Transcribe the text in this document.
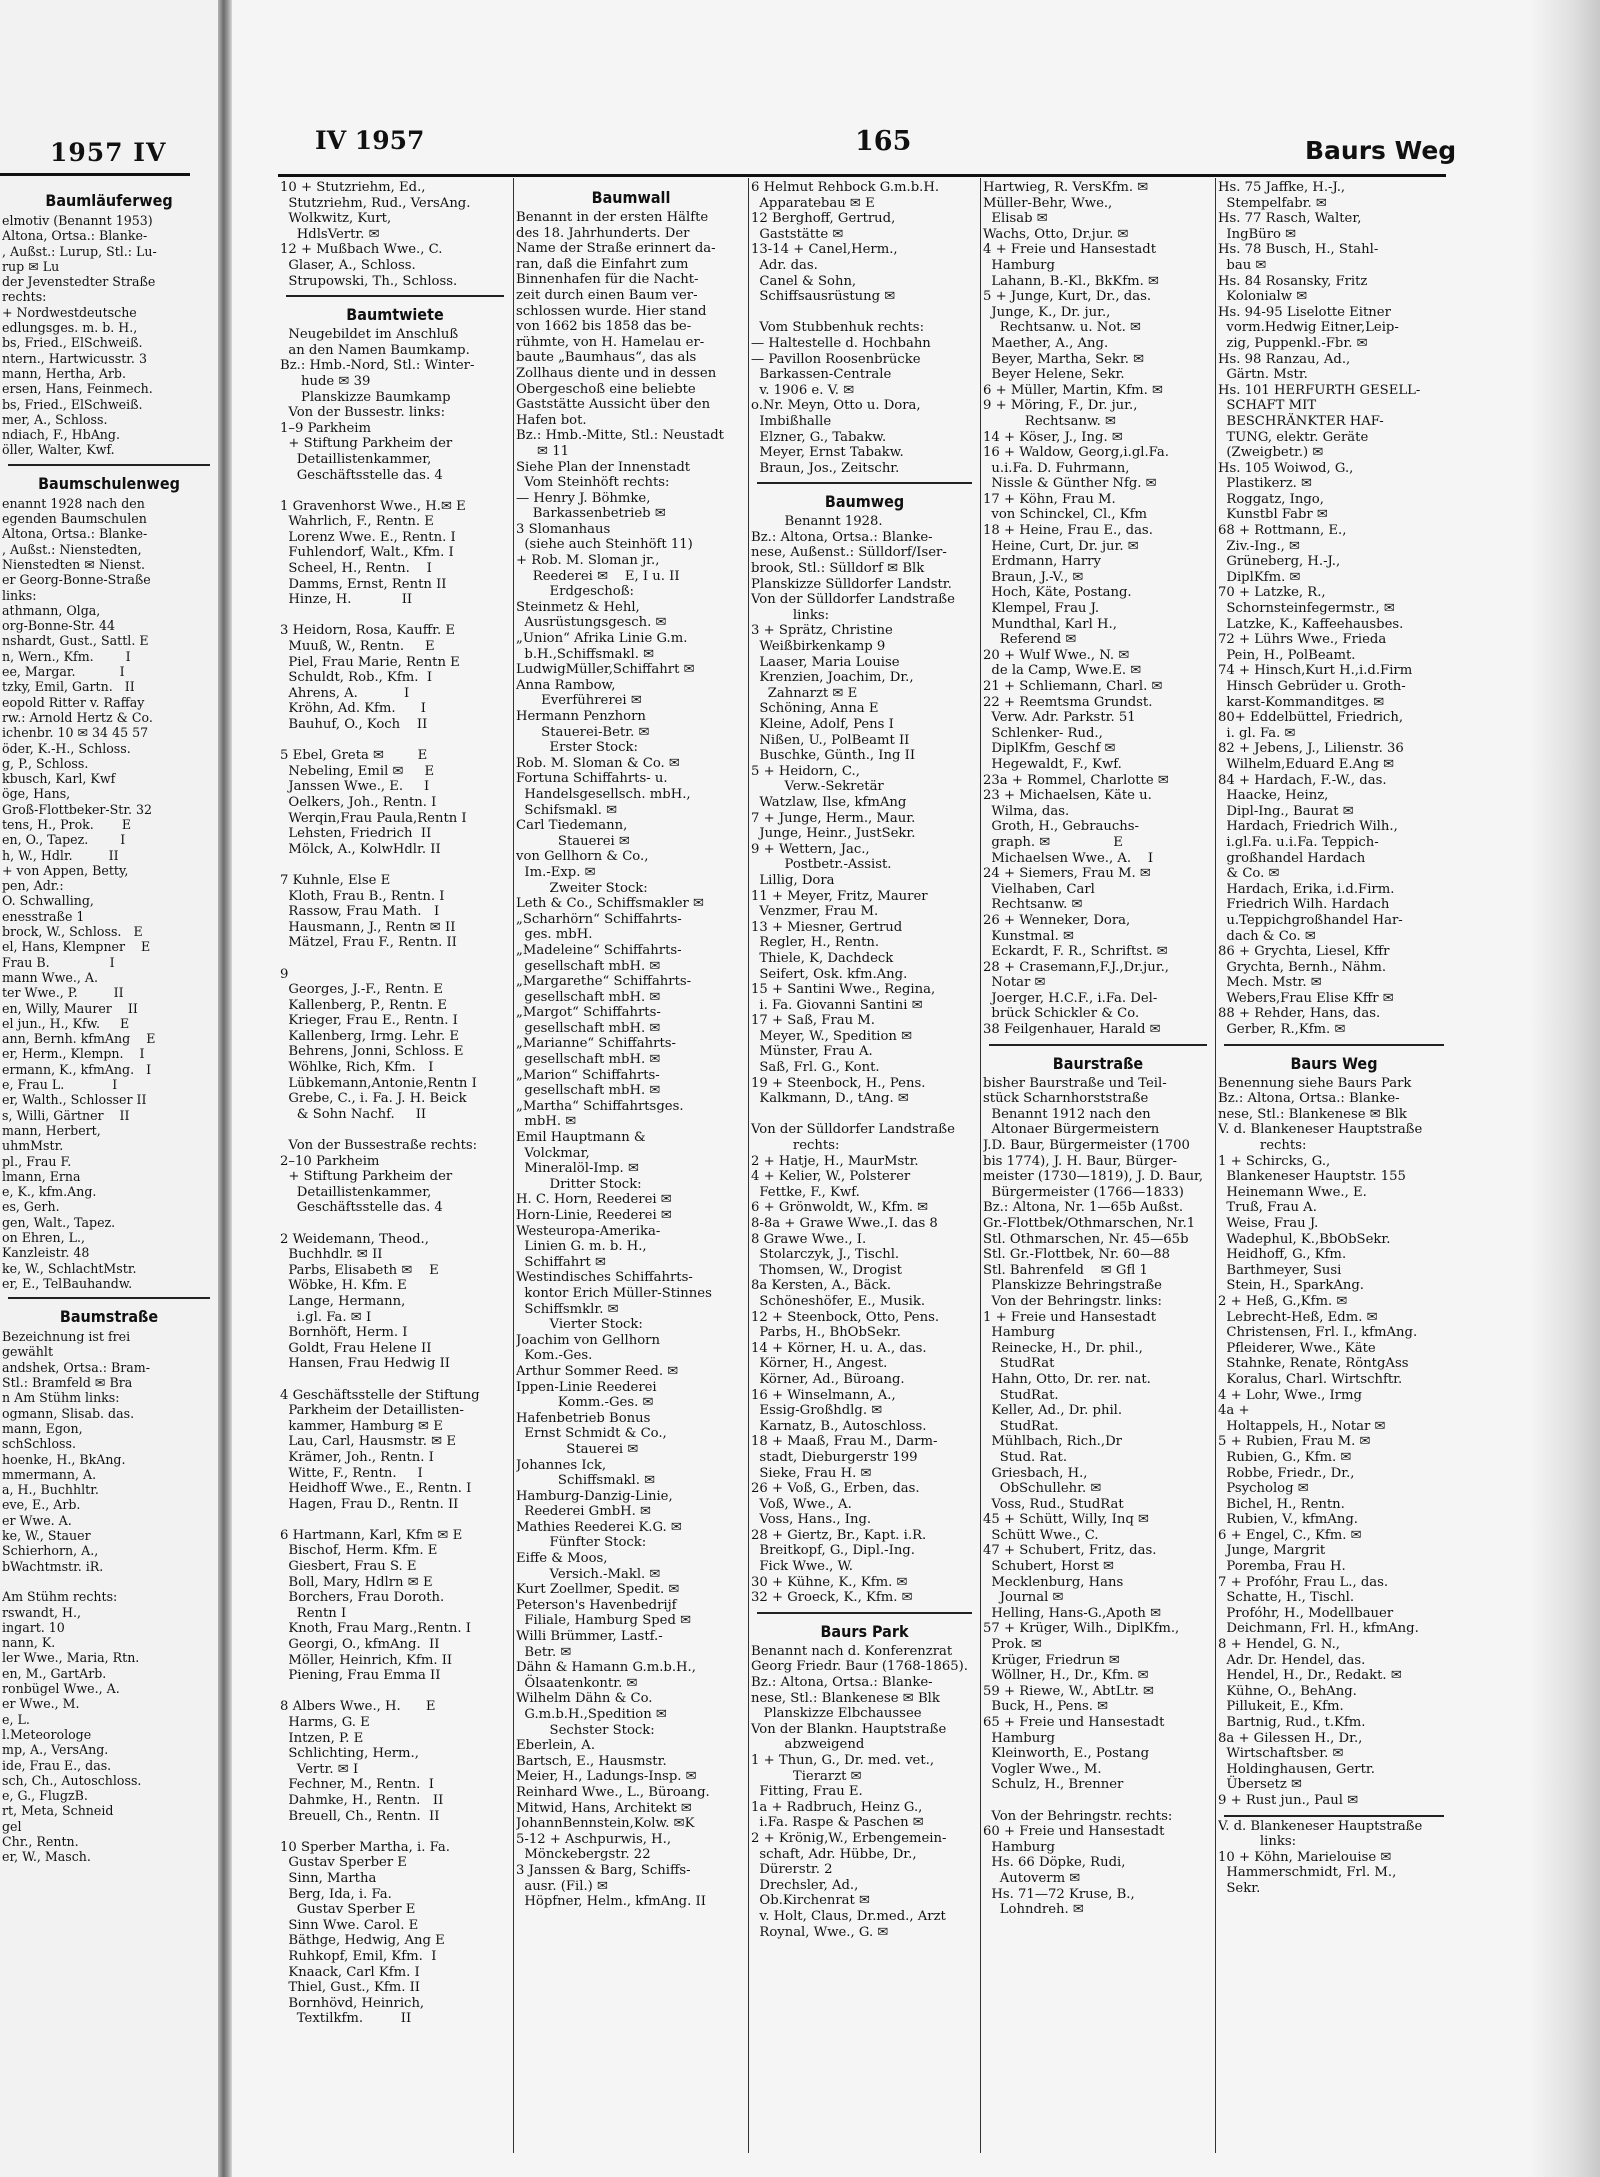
1957 IV
Baumläuferweg
elmotiv (Benannt 1953)
Altona, Ortsa.: Blanke-
, Außst.: Lurup, Stl.: Lu-
rup ✉ Lu
der Jevenstedter Straße
rechts:
+ Nordwestdeutsche
edlungsges. m. b. H.,
bs, Fried., ElSchweiß.
ntern., Hartwicusstr. 3
mann, Hertha, Arb.
ersen, Hans, Feinmech.
bs, Fried., ElSchweiß.
mer, A., Schloss.
ndiach, F., HbAng.
öller, Walter, Kwf.
Baumschulenweg
enannt 1928 nach den
egenden Baumschulen
Altona, Ortsa.: Blanke-
, Außst.: Nienstedten,
Nienstedten ✉ Nienst.
er Georg-Bonne-Straße
links:
athmann, Olga,
org-Bonne-Str. 44
nshardt, Gust., Sattl. E
n, Wern., Kfm.        I
ee, Margar.           I
tzky, Emil, Gartn.   II
eopold Ritter v. Raffay
rw.: Arnold Hertz & Co.
ichenbr. 10 ✉ 34 45 57
öder, K.-H., Schloss.
g, P., Schloss.
kbusch, Karl, Kwf
öge, Hans,
Groß-Flottbeker-Str. 32
tens, H., Prok.       E
en, O., Tapez.        I
h, W., Hdlr.         II
+ von Appen, Betty,
pen, Adr.:
O. Schwalling,
enesstraße 1
brock, W., Schloss.   E
el, Hans, Klempner    E
Frau B.               I
mann Wwe., A.
ter Wwe., P.         II
en, Willy, Maurer    II
el jun., H., Kfw.     E
ann, Bernh. kfmAng    E
er, Herm., Klempn.    I
ermann, K., kfmAng.   I
e, Frau L.            I
er, Walth., Schlosser II
s, Willi, Gärtner    II
mann, Herbert,
uhmMstr.
pl., Frau F.
lmann, Erna
e, K., kfm.Ang.
es, Gerh.
gen, Walt., Tapez.
on Ehren, L.,
Kanzleistr. 48
ke, W., SchlachtMstr.
er, E., TelBauhandw.
Baumstraße
Bezeichnung ist frei
gewählt
andshek, Ortsa.: Bram-
Stl.: Bramfeld ✉ Bra
n Am Stühm links:
ogmann, Slisab. das.
mann, Egon,
schSchloss.
hoenke, H., BkAng.
mmermann, A.
a, H., Buchhltr.
eve, E., Arb.
er Wwe. A.
ke, W., Stauer
Schierhorn, A.,
bWachtmstr. iR.

Am Stühm rechts:
rswandt, H.,
ingart. 10
nann, K.
ler Wwe., Maria, Rtn.
en, M., GartArb.
ronbügel Wwe., A.
er Wwe., M.
e, L.
l.Meteorologe
mp, A., VersAng.
ide, Frau E., das.
sch, Ch., Autoschloss.
e, G., FlugzB.
rt, Meta, Schneid
gel
Chr., Rentn.
er, W., Masch.
IV 1957	165	Baurs Weg
10 + Stutzriehm, Ed.,
Stutzriehm, Rud., VersAng.
Wolkwitz, Kurt,
HdlsVertr. ✉
12 + Mußbach Wwe., C.
Glaser, A., Schloss.
Strupowski, Th., Schloss.
Baumtwiete
Neugebildet im Anschluß
an den Namen Baumkamp.
Bz.: Hmb.-Nord, Stl.: Winter-
hude ✉ 39
Planskizze Baumkamp
Von der Bussestr. links:
1–9 Parkheim
+ Stiftung Parkheim der
Detaillistenkammer,
Geschäftsstelle das. 4

1 Gravenhorst Wwe., H.✉ E
Wahrlich, F., Rentn. E
Lorenz Wwe. E., Rentn. I
Fuhlendorf, Walt., Kfm. I
Scheel, H., Rentn.    I
Damms, Ernst, Rentn II
Hinze, H.            II

3 Heidorn, Rosa, Kauffr. E
Muuß, W., Rentn.     E
Piel, Frau Marie, Rentn E
Schuldt, Rob., Kfm.  I
Ahrens, A.           I
Kröhn, Ad. Kfm.      I
Bauhuf, O., Koch    II

5 Ebel, Greta ✉        E
Nebeling, Emil ✉     E
Janssen Wwe., E.     I
Oelkers, Joh., Rentn. I
Werqin,Frau Paula,Rentn I
Lehsten, Friedrich  II
Mölck, A., KolwHdlr. II

7 Kuhnle, Else E
Kloth, Frau B., Rentn. I
Rassow, Frau Math.   I
Hausmann, J., Rentn ✉ II
Mätzel, Frau F., Rentn. II

9
Georges, J.-F., Rentn. E
Kallenberg, P., Rentn. E
Krieger, Frau E., Rentn. I
Kallenberg, Irmg. Lehr. E
Behrens, Jonni, Schloss. E
Wöhlke, Rich, Kfm.   I
Lübkemann,Antonie,Rentn I
Grebe, C., i. Fa. J. H. Beick
& Sohn Nachf.     II

Von der Bussestraße rechts:
2–10 Parkheim
+ Stiftung Parkheim der
Detaillistenkammer,
Geschäftsstelle das. 4

2 Weidemann, Theod.,
Buchhdlr. ✉ II
Parbs, Elisabeth ✉    E
Wöbke, H. Kfm. E
Lange, Hermann,
i.gl. Fa. ✉ I
Bornhöft, Herm. I
Goldt, Frau Helene II
Hansen, Frau Hedwig II

4 Geschäftsstelle der Stiftung
Parkheim der Detaillisten-
kammer, Hamburg ✉ E
Lau, Carl, Hausmstr. ✉ E
Krämer, Joh., Rentn. I
Witte, F., Rentn.     I
Heidhoff Wwe., E., Rentn. I
Hagen, Frau D., Rentn. II

6 Hartmann, Karl, Kfm ✉ E
Bischof, Herm. Kfm. E
Giesbert, Frau S. E
Boll, Mary, Hdlrn ✉ E
Borchers, Frau Doroth.
Rentn I
Knoth, Frau Marg.,Rentn. I
Georgi, O., kfmAng.  II
Möller, Heinrich, Kfm. II
Piening, Frau Emma II

8 Albers Wwe., H.      E
Harms, G. E
Intzen, P. E
Schlichting, Herm.,
Vertr. ✉ I
Fechner, M., Rentn.  I
Dahmke, H., Rentn.   II
Breuell, Ch., Rentn.  II

10 Sperber Martha, i. Fa.
Gustav Sperber E
Sinn, Martha
Berg, Ida, i. Fa.
Gustav Sperber E
Sinn Wwe. Carol. E
Bäthge, Hedwig, Ang E
Ruhkopf, Emil, Kfm.  I
Knaack, Carl Kfm. I
Thiel, Gust., Kfm. II
Bornhövd, Heinrich,
Textilkfm.         II
Baumwall
Benannt in der ersten Hälfte
des 18. Jahrhunderts. Der
Name der Straße erinnert da-
ran, daß die Einfahrt zum
Binnenhafen für die Nacht-
zeit durch einen Baum ver-
schlossen wurde. Hier stand
von 1662 bis 1858 das be-
rühmte, von H. Hamelau er-
baute „Baumhaus“, das als
Zollhaus diente und in dessen
Obergeschoß eine beliebte
Gaststätte Aussicht über den
Hafen bot.
Bz.: Hmb.-Mitte, Stl.: Neustadt
✉ 11
Siehe Plan der Innenstadt
Vom Steinhöft rechts:
— Henry J. Böhmke,
Barkassenbetrieb ✉
3 Slomanhaus
(siehe auch Steinhöft 11)
+ Rob. M. Sloman jr.,
Reederei ✉    E, I u. II
Erdgeschoß:
Steinmetz & Hehl,
Ausrüstungsgesch. ✉
„Union“ Afrika Linie G.m.
b.H.,Schiffsmakl. ✉
LudwigMüller,Schiffahrt ✉
Anna Rambow,
Everführerei ✉
Hermann Penzhorn
Stauerei-Betr. ✉
Erster Stock:
Rob. M. Sloman & Co. ✉
Fortuna Schiffahrts- u.
Handelsgesellsch. mbH.,
Schifsmakl. ✉
Carl Tiedemann,
Stauerei ✉
von Gellhorn & Co.,
Im.-Exp. ✉
Zweiter Stock:
Leth & Co., Schiffsmakler ✉
„Scharhörn“ Schiffahrts-
ges. mbH.
„Madeleine“ Schiffahrts-
gesellschaft mbH. ✉
„Margarethe“ Schiffahrts-
gesellschaft mbH. ✉
„Margot“ Schiffahrts-
gesellschaft mbH. ✉
„Marianne“ Schiffahrts-
gesellschaft mbH. ✉
„Marion“ Schiffahrts-
gesellschaft mbH. ✉
„Martha“ Schiffahrtsges.
mbH. ✉
Emil Hauptmann &
Volckmar,
Mineralöl-Imp. ✉
Dritter Stock:
H. C. Horn, Reederei ✉
Horn-Linie, Reederei ✉
Westeuropa-Amerika-
Linien G. m. b. H.,
Schiffahrt ✉
Westindisches Schiffahrts-
kontor Erich Müller-Stinnes
Schiffsmklr. ✉
Vierter Stock:
Joachim von Gellhorn
Kom.-Ges.
Arthur Sommer Reed. ✉
Ippen-Linie Reederei
Komm.-Ges. ✉
Hafenbetrieb Bonus
Ernst Schmidt & Co.,
Stauerei ✉
Johannes Ick,
Schiffsmakl. ✉
Hamburg-Danzig-Linie,
Reederei GmbH. ✉
Mathies Reederei K.G. ✉
Fünfter Stock:
Eiffe & Moos,
Versich.-Makl. ✉
Kurt Zoellmer, Spedit. ✉
Peterson's Havenbedrijf
Filiale, Hamburg Sped ✉
Willi Brümmer, Lastf.-
Betr. ✉
Dähn & Hamann G.m.b.H.,
Ölsaatenkontr. ✉
Wilhelm Dähn & Co.
G.m.b.H.,Spedition ✉
Sechster Stock:
Eberlein, A.
Bartsch, E., Hausmstr.
Meier, H., Ladungs-Insp. ✉
Reinhard Wwe., L., Büroang.
Mitwid, Hans, Architekt ✉
JohannBennstein,Kolw. ✉K
5-12 + Aschpurwis, H.,
Mönckebergstr. 22
3 Janssen & Barg, Schiffs-
ausr. (Fil.) ✉
Höpfner, Helm., kfmAng. II
6 Helmut Rehbock G.m.b.H.
Apparatebau ✉ E
12 Berghoff, Gertrud,
Gaststätte ✉
13-14 + Canel,Herm.,
Adr. das.
Canel & Sohn,
Schiffsausrüstung ✉

Vom Stubbenhuk rechts:
— Haltestelle d. Hochbahn
— Pavillon Roosenbrücke
Barkassen-Centrale
v. 1906 e. V. ✉
o.Nr. Meyn, Otto u. Dora,
Imbißhalle
Elzner, G., Tabakw.
Meyer, Ernst Tabakw.
Braun, Jos., Zeitschr.
Baumweg
Benannt 1928.
Bz.: Altona, Ortsa.: Blanke-
nese, Außenst.: Sülldorf/Iser-
brook, Stl.: Sülldorf ✉ Blk
Planskizze Sülldorfer Landstr.
Von der Sülldorfer Landstraße
links:
3 + Sprätz, Christine
Weißbirkenkamp 9
Laaser, Maria Louise
Krenzien, Joachim, Dr.,
Zahnarzt ✉ E
Schöning, Anna E
Kleine, Adolf, Pens I
Nißen, U., PolBeamt II
Buschke, Günth., Ing II
5 + Heidorn, C.,
Verw.-Sekretär
Watzlaw, Ilse, kfmAng
7 + Junge, Herm., Maur.
Junge, Heinr., JustSekr.
9 + Wettern, Jac.,
Postbetr.-Assist.
Lillig, Dora
11 + Meyer, Fritz, Maurer
Venzmer, Frau M.
13 + Miesner, Gertrud
Regler, H., Rentn.
Thiele, K, Dachdeck
Seifert, Osk. kfm.Ang.
15 + Santini Wwe., Regina,
i. Fa. Giovanni Santini ✉
17 + Saß, Frau M.
Meyer, W., Spedition ✉
Münster, Frau A.
Saß, Frl. G., Kont.
19 + Steenbock, H., Pens.
Kalkmann, D., tAng. ✉

Von der Sülldorfer Landstraße
rechts:
2 + Hatje, H., MaurMstr.
4 + Kelier, W., Polsterer
Fettke, F., Kwf.
6 + Grönwoldt, W., Kfm. ✉
8-8a + Grawe Wwe.,I. das 8
8 Grawe Wwe., I.
Stolarczyk, J., Tischl.
Thomsen, W., Drogist
8a Kersten, A., Bäck.
Schöneshöfer, E., Musik.
12 + Steenbock, Otto, Pens.
Parbs, H., BhObSekr.
14 + Körner, H. u. A., das.
Körner, H., Angest.
Körner, Ad., Büroang.
16 + Winselmann, A.,
Essig-Großhdlg. ✉
Karnatz, B., Autoschloss.
18 + Maaß, Frau M., Darm-
stadt, Dieburgerstr 199
Sieke, Frau H. ✉
26 + Voß, G., Erben, das.
Voß, Wwe., A.
Voss, Hans., Ing.
28 + Giertz, Br., Kapt. i.R.
Breitkopf, G., Dipl.-Ing.
Fick Wwe., W.
30 + Kühne, K., Kfm. ✉
32 + Groeck, K., Kfm. ✉
Baurs Park
Benannt nach d. Konferenzrat
Georg Friedr. Baur (1768-1865).
Bz.: Altona, Ortsa.: Blanke-
nese, Stl.: Blankenese ✉ Blk
Planskizze Elbchaussee
Von der Blankn. Hauptstraße
abzweigend
1 + Thun, G., Dr. med. vet.,
Tierarzt ✉
Fitting, Frau E.
1a + Radbruch, Heinz G.,
i.Fa. Raspe & Paschen ✉
2 + Krönig,W., Erbengemein-
schaft, Adr. Hübbe, Dr.,
Dürerstr. 2
Drechsler, Ad.,
Ob.Kirchenrat ✉
v. Holt, Claus, Dr.med., Arzt
Roynal, Wwe., G. ✉
Hartwieg, R. VersKfm. ✉
Müller-Behr, Wwe.,
Elisab ✉
Wachs, Otto, Dr.jur. ✉
4 + Freie und Hansestadt
Hamburg
Lahann, B.-Kl., BkKfm. ✉
5 + Junge, Kurt, Dr., das.
Junge, K., Dr. jur.,
Rechtsanw. u. Not. ✉
Maether, A., Ang.
Beyer, Martha, Sekr. ✉
Beyer Helene, Sekr.
6 + Müller, Martin, Kfm. ✉
9 + Möring, F., Dr. jur.,
Rechtsanw. ✉
14 + Köser, J., Ing. ✉
16 + Waldow, Georg,i.gl.Fa.
u.i.Fa. D. Fuhrmann,
Nissle & Günther Nfg. ✉
17 + Köhn, Frau M.
von Schinckel, Cl., Kfm
18 + Heine, Frau E., das.
Heine, Curt, Dr. jur. ✉
Erdmann, Harry
Braun, J.-V., ✉
Hoch, Käte, Postang.
Klempel, Frau J.
Mundthal, Karl H.,
Referend ✉
20 + Wulf Wwe., N. ✉
de la Camp, Wwe.E. ✉
21 + Schliemann, Charl. ✉
22 + Reemtsma Grundst.
Verw. Adr. Parkstr. 51
Schlenker- Rud.,
DiplKfm, Geschf ✉
Hegewaldt, F., Kwf.
23a + Rommel, Charlotte ✉
23 + Michaelsen, Käte u.
Wilma, das.
Groth, H., Gebrauchs-
graph. ✉               E
Michaelsen Wwe., A.    I
24 + Siemers, Frau M. ✉
Vielhaben, Carl
Rechtsanw. ✉
26 + Wenneker, Dora,
Kunstmal. ✉
Eckardt, F. R., Schriftst. ✉
28 + Crasemann,F.J.,Dr.jur.,
Notar ✉
Joerger, H.C.F., i.Fa. Del-
brück Schickler & Co.
38 Feilgenhauer, Harald ✉
Baurstraße
bisher Baurstraße und Teil-
stück Scharnhorststraße
Benannt 1912 nach den
Altonaer Bürgermeistern
J.D. Baur, Bürgermeister (1700
bis 1774), J. H. Baur, Bürger-
meister (1730—1819), J. D. Baur,
Bürgermeister (1766—1833)
Bz.: Altona, Nr. 1—65b Außst.
Gr.-Flottbek/Othmarschen, Nr.1
Stl. Othmarschen, Nr. 45—65b
Stl. Gr.-Flottbek, Nr. 60—88
Stl. Bahrenfeld    ✉ Gfl 1
Planskizze Behringstraße
Von der Behringstr. links:
1 + Freie und Hansestadt
Hamburg
Reinecke, H., Dr. phil.,
StudRat
Hahn, Otto, Dr. rer. nat.
StudRat.
Keller, Ad., Dr. phil.
StudRat.
Mühlbach, Rich.,Dr
Stud. Rat.
Griesbach, H.,
ObSchullehr. ✉
Voss, Rud., StudRat
45 + Schütt, Willy, Inq ✉
Schütt Wwe., C.
47 + Schubert, Fritz, das.
Schubert, Horst ✉
Mecklenburg, Hans
Journal ✉
Helling, Hans-G.,Apoth ✉
57 + Krüger, Wilh., DiplKfm.,
Prok. ✉
Krüger, Friedrun ✉
Wöllner, H., Dr., Kfm. ✉
59 + Riewe, W., AbtLtr. ✉
Buck, H., Pens. ✉
65 + Freie und Hansestadt
Hamburg
Kleinworth, E., Postang
Vogler Wwe., M.
Schulz, H., Brenner

Von der Behringstr. rechts:
60 + Freie und Hansestadt
Hamburg
Hs. 66 Döpke, Rudi,
Autoverm ✉
Hs. 71—72 Kruse, B.,
Lohndreh. ✉
Hs. 75 Jaffke, H.-J.,
Stempelfabr. ✉
Hs. 77 Rasch, Walter,
IngBüro ✉
Hs. 78 Busch, H., Stahl-
bau ✉
Hs. 84 Rosansky, Fritz
Kolonialw ✉
Hs. 94-95 Liselotte Eitner
vorm.Hedwig Eitner,Leip-
zig, Puppenkl.-Fbr. ✉
Hs. 98 Ranzau, Ad.,
Gärtn. Mstr.
Hs. 101 HERFURTH GESELL-
SCHAFT MIT
BESCHRÄNKTER HAF-
TUNG, elektr. Geräte
(Zweigbetr.) ✉
Hs. 105 Woiwod, G.,
Plastikerz. ✉
Roggatz, Ingo,
Kunstbl Fabr ✉
68 + Rottmann, E.,
Ziv.-Ing., ✉
Grüneberg, H.-J.,
DiplKfm. ✉
70 + Latzke, R.,
Schornsteinfegermstr., ✉
Latzke, K., Kaffeehausbes.
72 + Lührs Wwe., Frieda
Pein, H., PolBeamt.
74 + Hinsch,Kurt H.,i.d.Firm
Hinsch Gebrüder u. Groth-
karst-Kommanditges. ✉
80+ Eddelbüttel, Friedrich,
i. gl. Fa. ✉
82 + Jebens, J., Lilienstr. 36
Wilhelm,Eduard E.Ang ✉
84 + Hardach, F.-W., das.
Haacke, Heinz,
Dipl-Ing., Baurat ✉
Hardach, Friedrich Wilh.,
i.gl.Fa. u.i.Fa. Teppich-
großhandel Hardach
& Co. ✉
Hardach, Erika, i.d.Firm.
Friedrich Wilh. Hardach
u.Teppichgroßhandel Har-
dach & Co. ✉
86 + Grychta, Liesel, Kffr
Grychta, Bernh., Nähm.
Mech. Mstr. ✉
Webers,Frau Elise Kffr ✉
88 + Rehder, Hans, das.
Gerber, R.,Kfm. ✉
Baurs Weg
Benennung siehe Baurs Park
Bz.: Altona, Ortsa.: Blanke-
nese, Stl.: Blankenese ✉ Blk
V. d. Blankeneser Hauptstraße
rechts:
1 + Schircks, G.,
Blankeneser Hauptstr. 155
Heinemann Wwe., E.
Truß, Frau A.
Weise, Frau J.
Wadephul, K.,BbObSekr.
Heidhoff, G., Kfm.
Barthmeyer, Susi
Stein, H., SparkAng.
2 + Heß, G.,Kfm. ✉
Lebrecht-Heß, Edm. ✉
Christensen, Frl. I., kfmAng.
Pfleiderer, Wwe., Käte
Stahnke, Renate, RöntgAss
Koralus, Charl. Wirtschftr.
4 + Lohr, Wwe., Irmg
4a +
Holtappels, H., Notar ✉
5 + Rubien, Frau M. ✉
Rubien, G., Kfm. ✉
Robbe, Friedr., Dr.,
Psycholog ✉
Bichel, H., Rentn.
Rubien, V., kfmAng.
6 + Engel, C., Kfm. ✉
Junge, Margrit
Poremba, Frau H.
7 + Profóhr, Frau L., das.
Schatte, H., Tischl.
Profóhr, H., Modellbauer
Deichmann, Frl. H., kfmAng.
8 + Hendel, G. N.,
Adr. Dr. Hendel, das.
Hendel, H., Dr., Redakt. ✉
Kühne, O., BehAng.
Pillukeit, E., Kfm.
Bartnig, Rud., t.Kfm.
8a + Gilessen H., Dr.,
Wirtschaftsber. ✉
Holdinghausen, Gertr.
Übersetz ✉
9 + Rust jun., Paul ✉
V. d. Blankeneser Hauptstraße
links:
10 + Köhn, Marielouise ✉
Hammerschmidt, Frl. M.,
Sekr.
